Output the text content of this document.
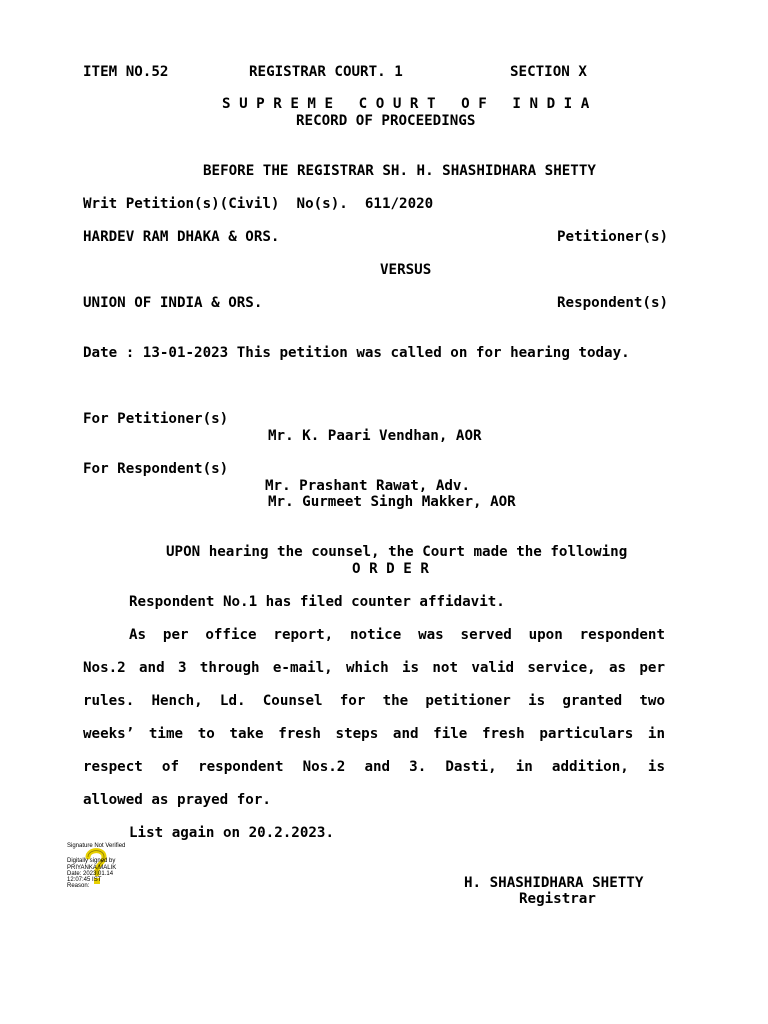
ITEM NO.52	REGISTRAR COURT. 1	SECTION X
S U P R E M E   C O U R T   O F   I N D I A
RECORD OF PROCEEDINGS
BEFORE THE REGISTRAR SH. H. SHASHIDHARA SHETTY
Writ Petition(s)(Civil)  No(s).  611/2020
HARDEV RAM DHAKA & ORS.	Petitioner(s)
VERSUS
UNION OF INDIA & ORS.	Respondent(s)
Date : 13-01-2023 This petition was called on for hearing today.
For Petitioner(s)
Mr. K. Paari Vendhan, AOR
For Respondent(s)
Mr. Prashant Rawat, Adv.
Mr. Gurmeet Singh Makker, AOR
UPON hearing the counsel, the Court made the following
O R D E R
Respondent No.1 has filed counter affidavit.
As per office report, notice was served upon respondent
Nos.2 and 3 through e-mail, which is not valid service, as per
rules. Hench, Ld. Counsel for the petitioner is granted two
weeks’ time to take fresh steps and file fresh particulars in
respect of respondent Nos.2 and 3. Dasti, in addition, is
allowed as prayed for.
List again on 20.2.2023.
Signature Not Verified
Digitally signed by
PRIYANKA MALIK
Date: 2023.01.14
12:07:45 IST
Reason:	H. SHASHIDHARA SHETTY
Registrar
